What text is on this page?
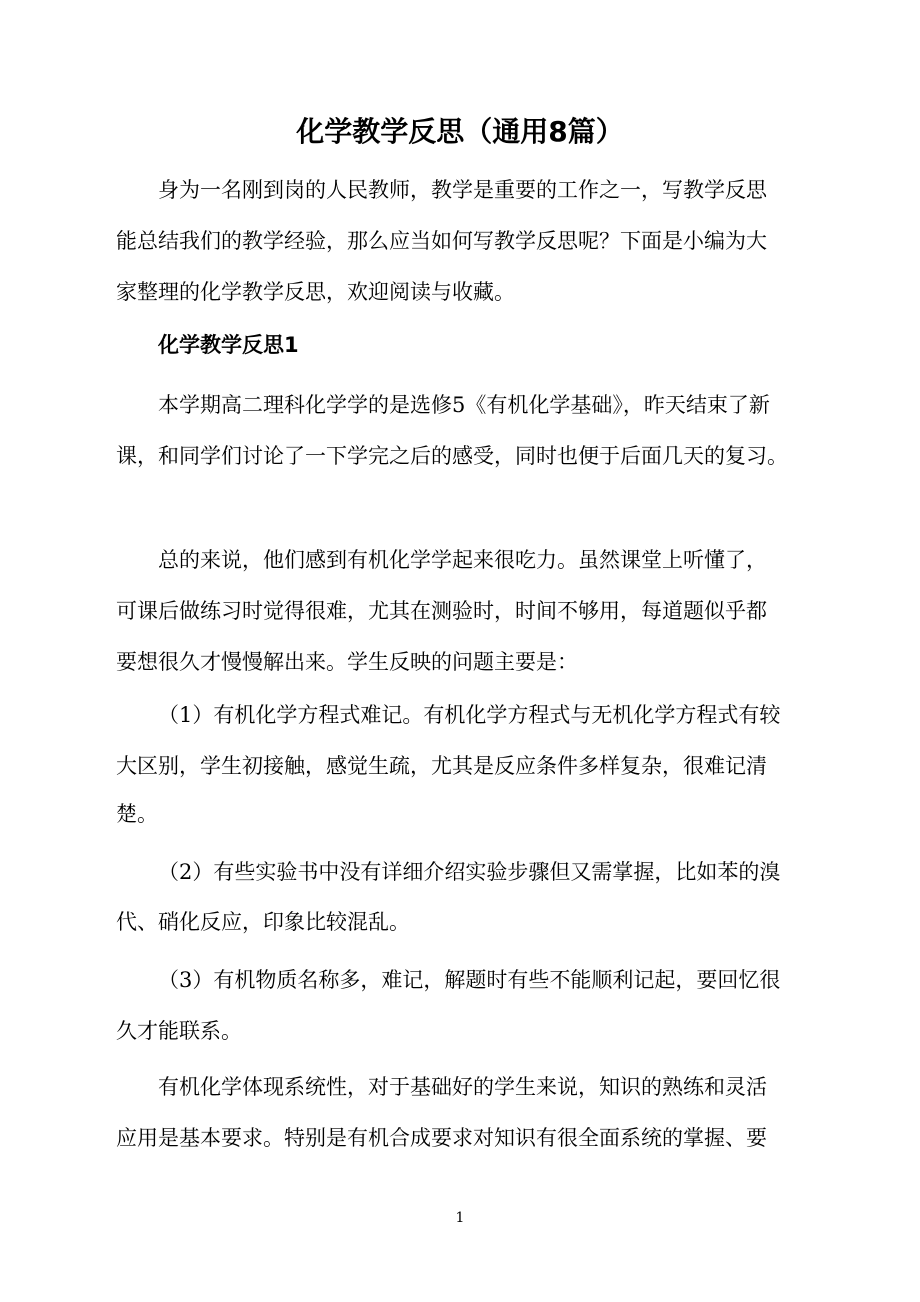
化学教学反思（通用8篇）
身为一名刚到岗的人民教师，教学是重要的工作之一，写教学反思
能总结我们的教学经验，那么应当如何写教学反思呢？下面是小编为大
家整理的化学教学反思，欢迎阅读与收藏。
化学教学反思1
本学期高二理科化学学的是选修5《有机化学基础》，昨天结束了新
课，和同学们讨论了一下学完之后的感受，同时也便于后面几天的复习。
总的来说，他们感到有机化学学起来很吃力。虽然课堂上听懂了，
可课后做练习时觉得很难，尤其在测验时，时间不够用，每道题似乎都
要想很久才慢慢解出来。学生反映的问题主要是：
（1）有机化学方程式难记。有机化学方程式与无机化学方程式有较
大区别，学生初接触，感觉生疏，尤其是反应条件多样复杂，很难记清
楚。
（2）有些实验书中没有详细介绍实验步骤但又需掌握，比如苯的溴
代、硝化反应，印象比较混乱。
（3）有机物质名称多，难记，解题时有些不能顺利记起，要回忆很
久才能联系。
有机化学体现系统性，对于基础好的学生来说，知识的熟练和灵活
应用是基本要求。特别是有机合成要求对知识有很全面系统的掌握、要
1
